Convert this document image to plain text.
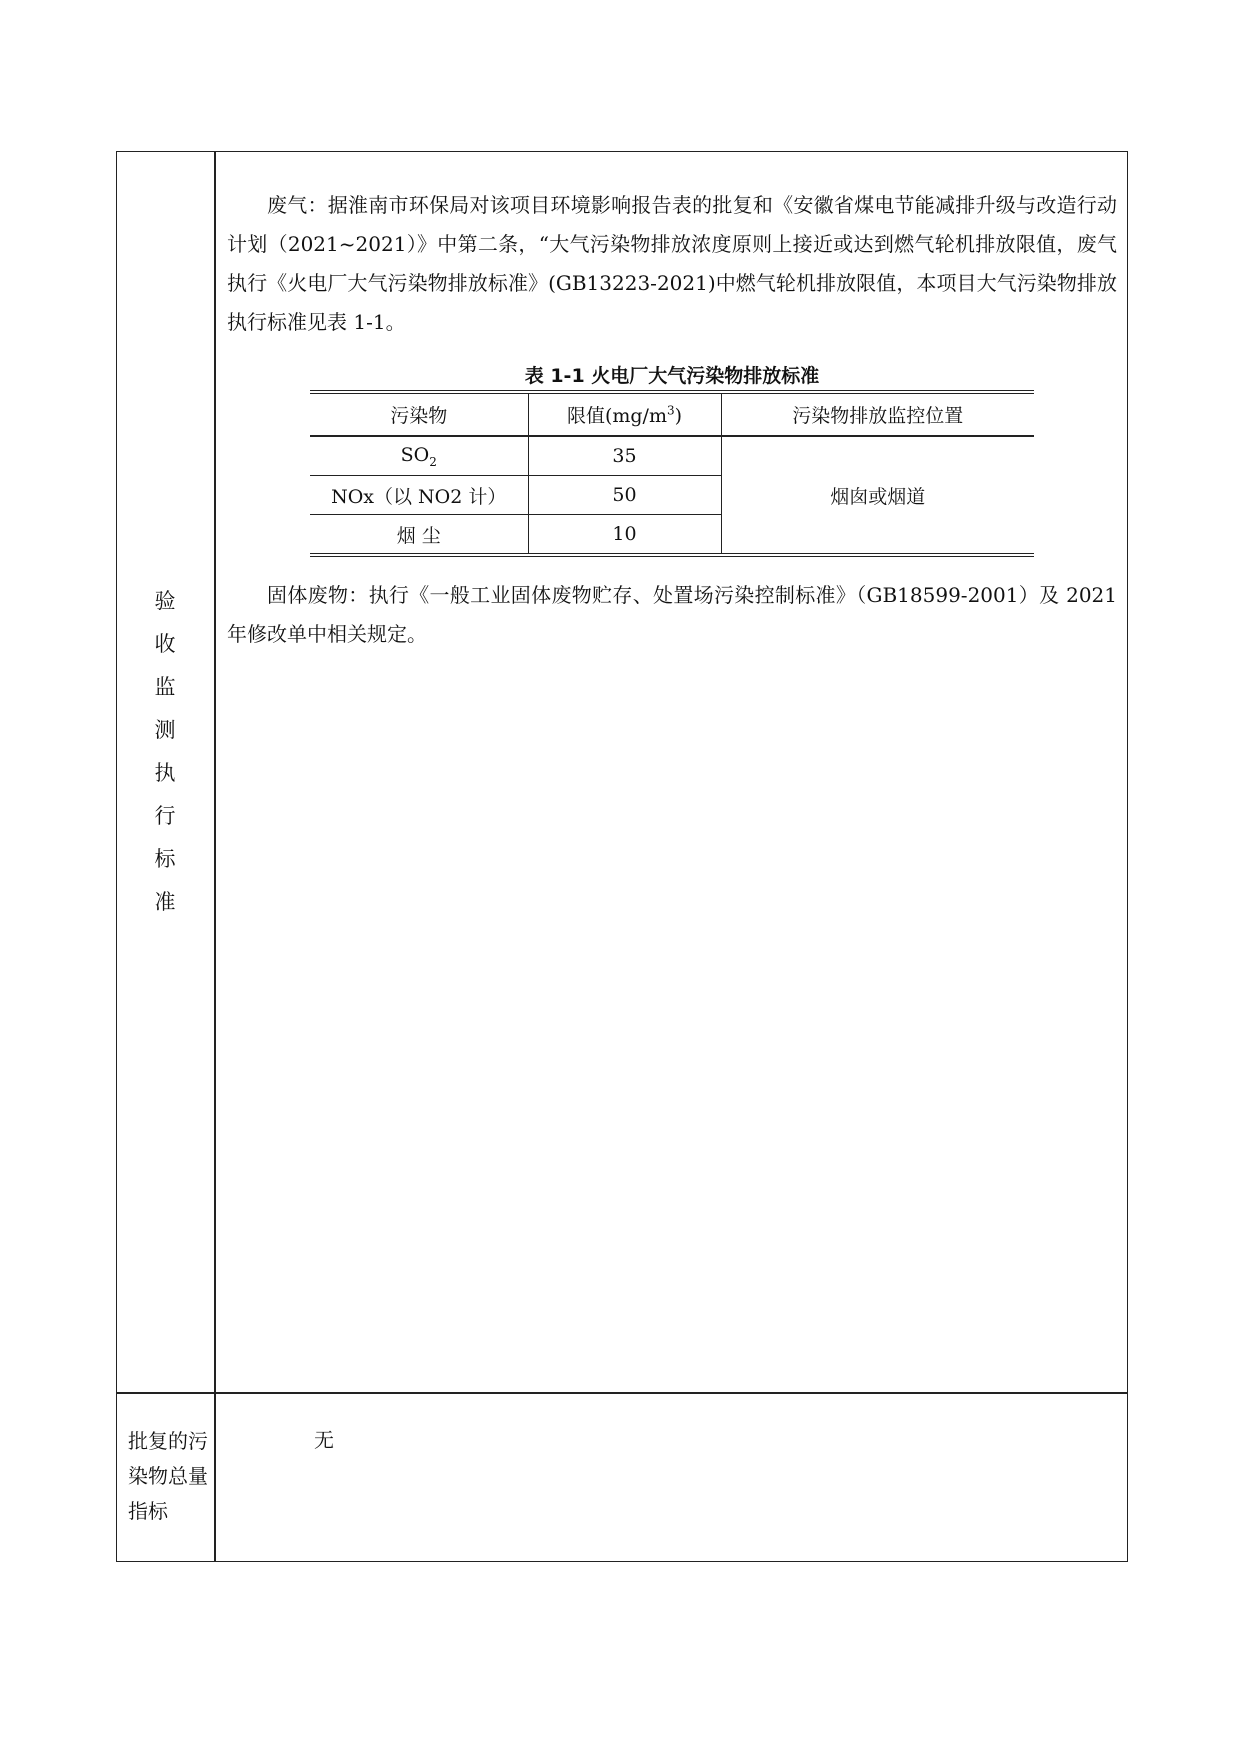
验
收
监
测
执
行
标
准

废气：据淮南市环保局对该项目环境影响报告表的批复和《安徽省煤电节能减排升级与改造行动计划（2021~2021）》中第二条，“大气污染物排放浓度原则上接近或达到燃气轮机排放限值，废气执行《火电厂大气污染物排放标准》(GB13223-2021)中燃气轮机排放限值，本项目大气污染物排放执行标准见表 1-1。

表 1-1 火电厂大气污染物排放标准
污染物	限值$(mg/m^3)$	污染物排放监控位置
$SO_2$	35	烟囱或烟道
NOx（以 NO2 计）	50	
烟 尘	10	

固体废物：执行《一般工业固体废物贮存、处置场污染控制标准》（GB18599-2001）及 2021 年修改单中相关规定。

批复的污染物总量指标
无
